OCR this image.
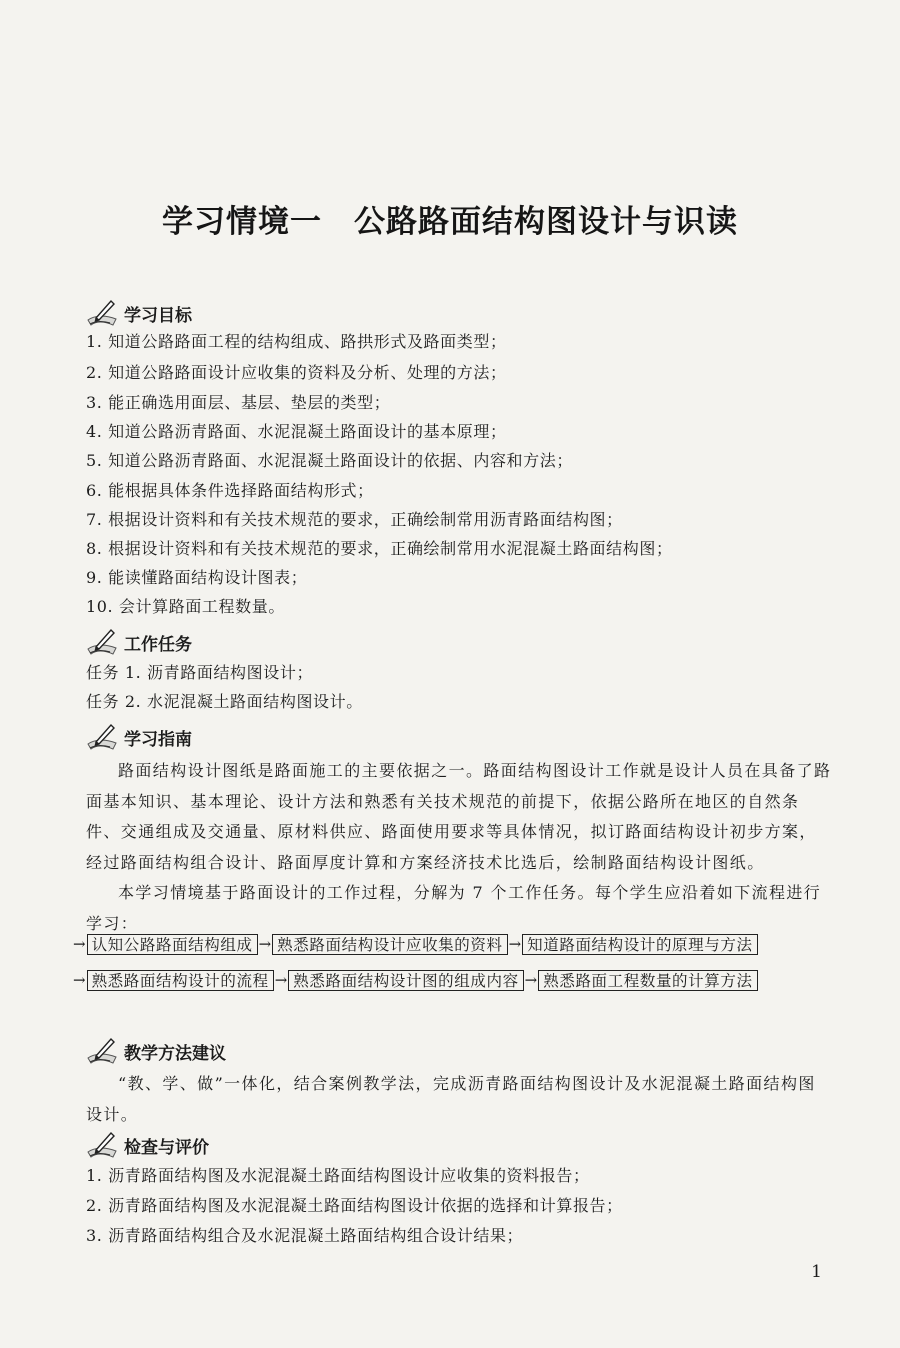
学习情境一　公路路面结构图设计与识读
学习目标
1. 知道公路路面工程的结构组成、路拱形式及路面类型；
2. 知道公路路面设计应收集的资料及分析、处理的方法；
3. 能正确选用面层、基层、垫层的类型；
4. 知道公路沥青路面、水泥混凝土路面设计的基本原理；
5. 知道公路沥青路面、水泥混凝土路面设计的依据、内容和方法；
6. 能根据具体条件选择路面结构形式；
7. 根据设计资料和有关技术规范的要求，正确绘制常用沥青路面结构图；
8. 根据设计资料和有关技术规范的要求，正确绘制常用水泥混凝土路面结构图；
9. 能读懂路面结构设计图表；
10. 会计算路面工程数量。
工作任务
任务 1. 沥青路面结构图设计；
任务 2. 水泥混凝土路面结构图设计。
学习指南
路面结构设计图纸是路面施工的主要依据之一。路面结构图设计工作就是设计人员在具备了路面基本知识、基本理论、设计方法和熟悉有关技术规范的前提下，依据公路所在地区的自然条件、交通组成及交通量、原材料供应、路面使用要求等具体情况，拟订路面结构设计初步方案，经过路面结构组合设计、路面厚度计算和方案经济技术比选后，绘制路面结构设计图纸。
本学习情境基于路面设计的工作过程，分解为 7 个工作任务。每个学生应沿着如下流程进行学习：
→ 认知公路路面结构组成 → 熟悉路面结构设计应收集的资料 → 知道路面结构设计的原理与方法
→ 熟悉路面结构设计的流程 → 熟悉路面结构设计图的组成内容 → 熟悉路面工程数量的计算方法
教学方法建议
“教、学、做”一体化，结合案例教学法，完成沥青路面结构图设计及水泥混凝土路面结构图设计。
检查与评价
1. 沥青路面结构图及水泥混凝土路面结构图设计应收集的资料报告；
2. 沥青路面结构图及水泥混凝土路面结构图设计依据的选择和计算报告；
3. 沥青路面结构组合及水泥混凝土路面结构组合设计结果；
1
